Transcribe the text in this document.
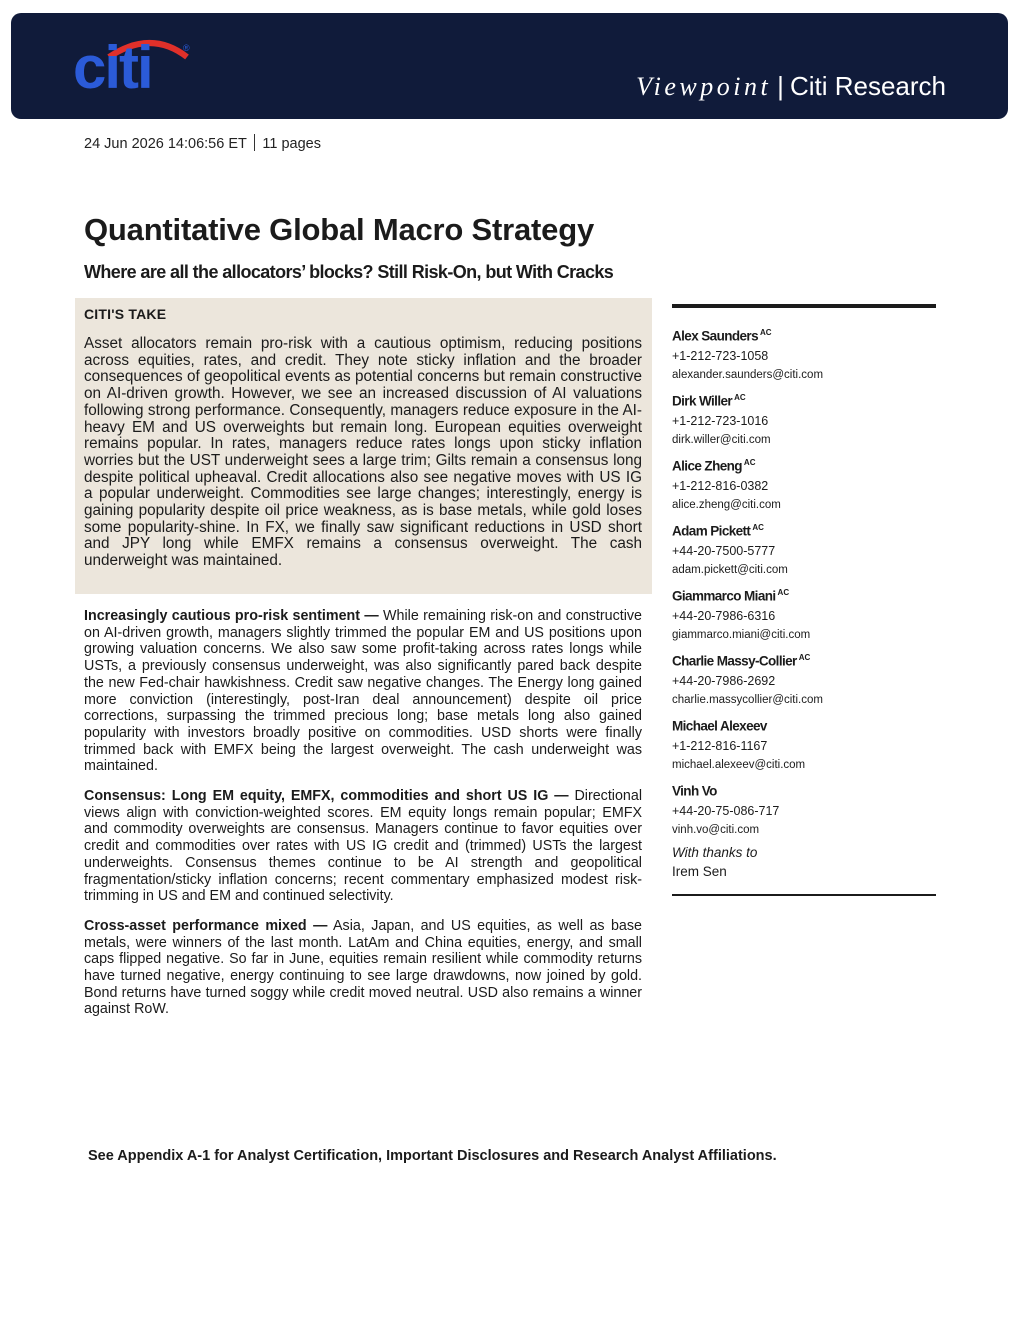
citi	®
Viewpoint | Citi Research
24 Jun 2026 14:06:56 ET 11 pages
Quantitative Global Macro Strategy
Where are all the allocators’ blocks? Still Risk-On, but With Cracks
CITI'S TAKE

Asset allocators remain pro-risk with a cautious optimism, reducing positions across equities, rates, and credit. They note sticky inflation and the broader consequences of geopolitical events as potential concerns but remain constructive on AI-driven growth. However, we see an increased discussion of AI valuations following strong performance. Consequently, managers reduce exposure in the AI-heavy EM and US overweights but remain long. European equities overweight remains popular. In rates, managers reduce rates longs upon sticky inflation worries but the UST underweight sees a large trim; Gilts remain a consensus long despite political upheaval. Credit allocations also see negative moves with US IG a popular underweight. Commodities see large changes; interestingly, energy is gaining popularity despite oil price weakness, as is base metals, while gold loses some popularity-shine. In FX, we finally saw significant reductions in USD short and JPY long while EMFX remains a consensus overweight. The cash underweight was maintained.

Increasingly cautious pro-risk sentiment — While remaining risk-on and constructive on AI-driven growth, managers slightly trimmed the popular EM and US positions upon growing valuation concerns. We also saw some profit-taking across rates longs while USTs, a previously consensus underweight, was also significantly pared back despite the new Fed-chair hawkishness. Credit saw negative changes. The Energy long gained more conviction (interestingly, post-Iran deal announcement) despite oil price corrections, surpassing the trimmed precious long; base metals long also gained popularity with investors broadly positive on commodities. USD shorts were finally trimmed back with EMFX being the largest overweight. The cash underweight was maintained.

Consensus: Long EM equity, EMFX, commodities and short US IG — Directional views align with conviction-weighted scores. EM equity longs remain popular; EMFX and commodity overweights are consensus. Managers continue to favor equities over credit and commodities over rates with US IG credit and (trimmed) USTs the largest underweights. Consensus themes continue to be AI strength and geopolitical fragmentation/sticky inflation concerns; recent commentary emphasized modest risk-trimming in US and EM and continued selectivity.

Cross-asset performance mixed — Asia, Japan, and US equities, as well as base metals, were winners of the last month. LatAm and China equities, energy, and small caps flipped negative. So far in June, equities remain resilient while commodity returns have turned negative, energy continuing to see large drawdowns, now joined by gold. Bond returns have turned soggy while credit moved neutral. USD also remains a winner against RoW.

Alex Saunders $^{AC}$
+1-212-723-1058
alexander.saunders@citi.com
Dirk Willer $^{AC}$
+1-212-723-1016
dirk.willer@citi.com
Alice Zheng $^{AC}$
+1-212-816-0382
alice.zheng@citi.com
Adam Pickett $^{AC}$
+44-20-7500-5777
adam.pickett@citi.com
Giammarco Miani $^{AC}$
+44-20-7986-6316
giammarco.miani@citi.com
Charlie Massy-Collier $^{AC}$
+44-20-7986-2692
charlie.massycollier@citi.com
Michael Alexeev
+1-212-816-1167
michael.alexeev@citi.com
Vinh Vo
+44-20-75-086-717
vinh.vo@citi.com
With thanks to
Irem Sen
See Appendix A-1 for Analyst Certification, Important Disclosures and Research Analyst Affiliations.
